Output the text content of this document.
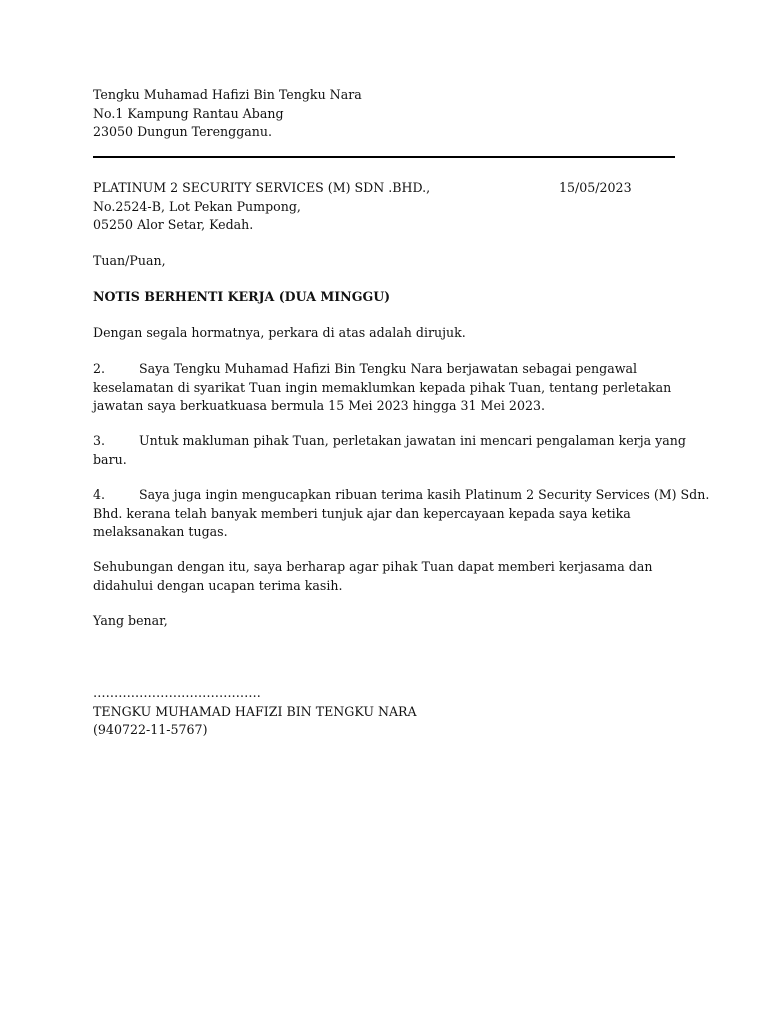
Tengku Muhamad Hafizi Bin Tengku Nara
No.1 Kampung Rantau Abang
23050 Dungun Terengganu.
PLATINUM 2 SECURITY SERVICES (M) SDN .BHD.,
No.2524-B, Lot Pekan Pumpong,
05250 Alor Setar, Kedah.
15/05/2023
Tuan/Puan,
NOTIS BERHENTI KERJA (DUA MINGGU)
Dengan segala hormatnya, perkara di atas adalah dirujuk.
2.	Saya Tengku Muhamad Hafizi Bin Tengku Nara berjawatan sebagai pengawal
keselamatan di syarikat Tuan ingin memaklumkan kepada pihak Tuan, tentang perletakan
jawatan saya berkuatkuasa bermula 15 Mei 2023 hingga 31 Mei 2023.
3.	Untuk makluman pihak Tuan, perletakan jawatan ini mencari pengalaman kerja yang
baru.
4.	Saya juga ingin mengucapkan ribuan terima kasih Platinum 2 Security Services (M) Sdn.
Bhd. kerana telah banyak memberi tunjuk ajar dan kepercayaan kepada saya ketika
melaksanakan tugas.
Sehubungan dengan itu, saya berharap agar pihak Tuan dapat memberi kerjasama dan
didahului dengan ucapan terima kasih.
Yang benar,
………………………………….
TENGKU MUHAMAD HAFIZI BIN TENGKU NARA
(940722-11-5767)
